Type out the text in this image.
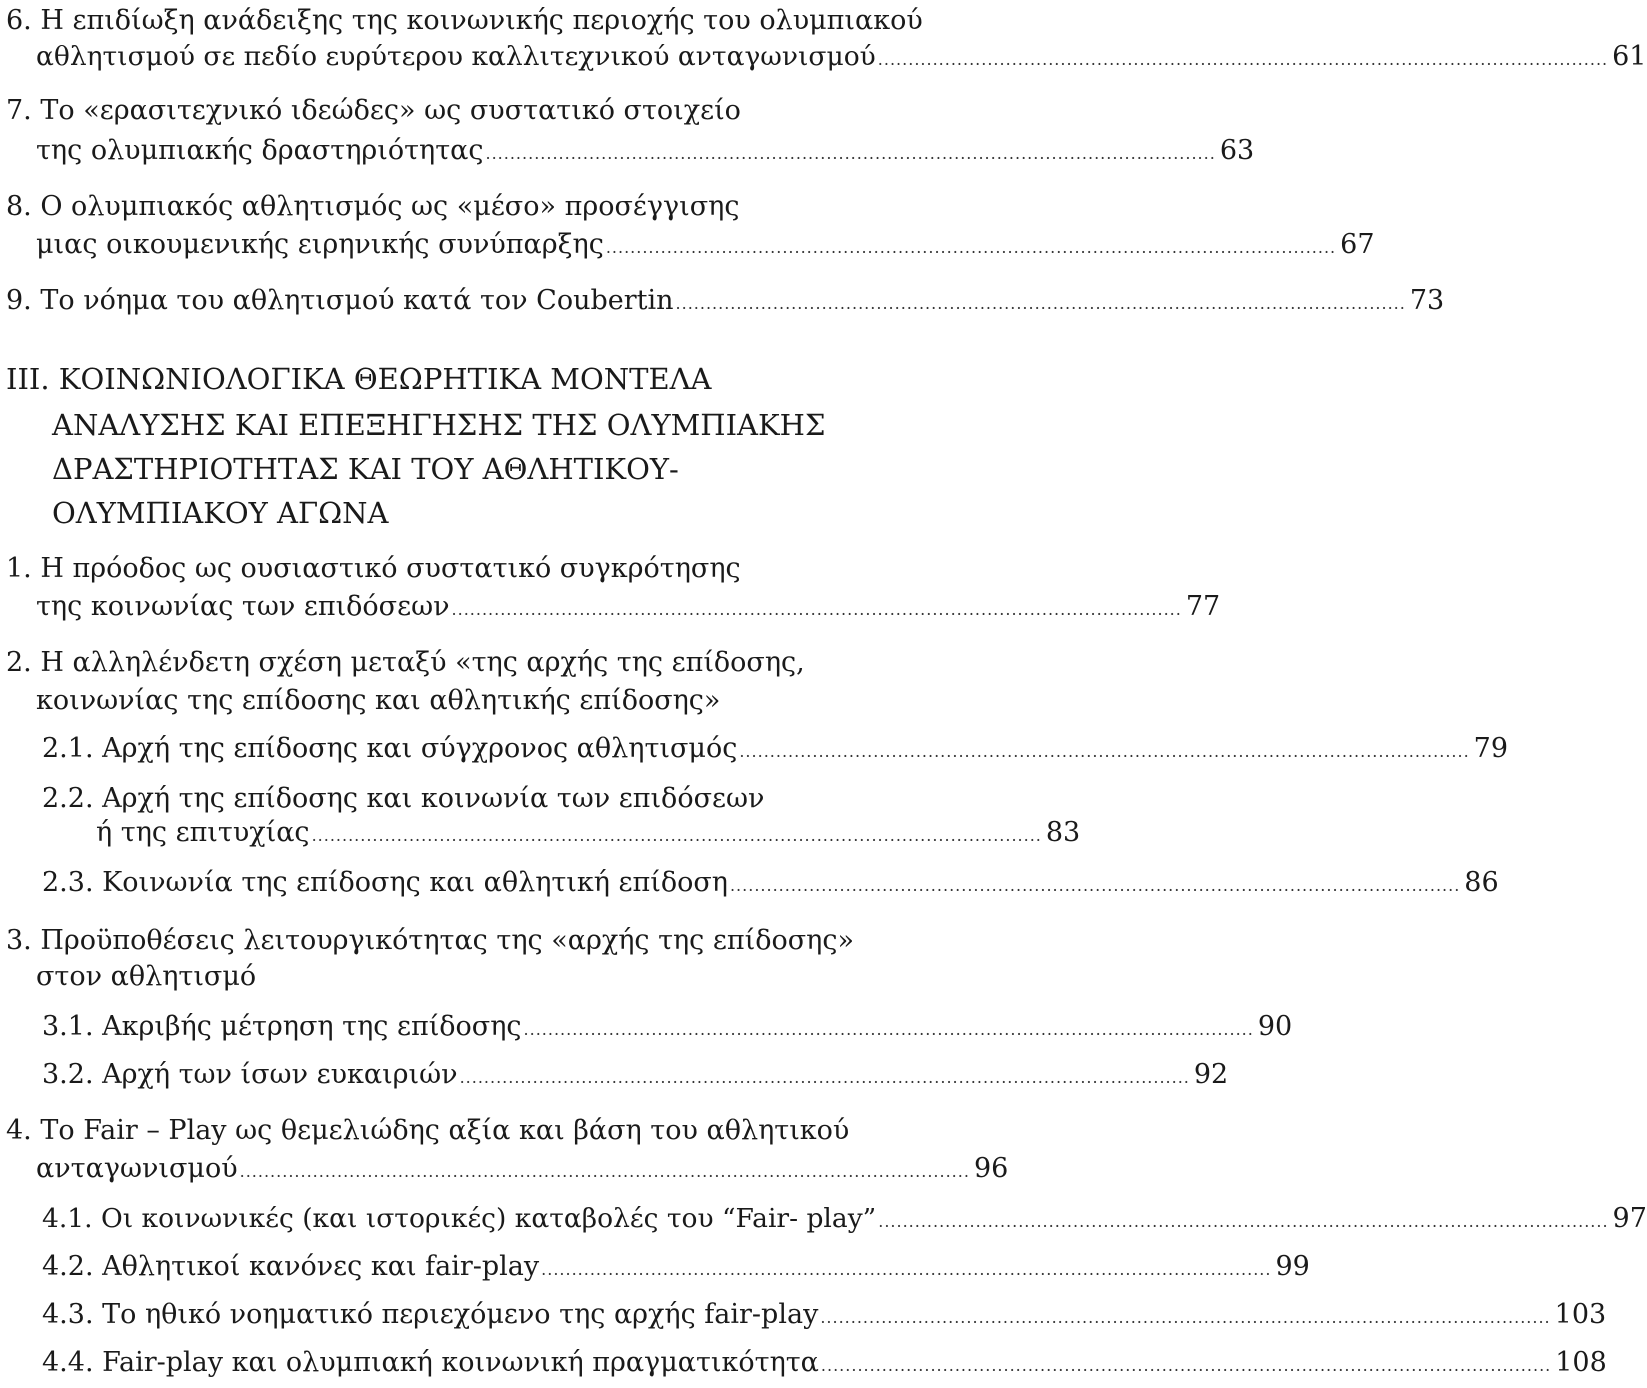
6. Η επιδίωξη ανάδειξης της κοινωνικής περιοχής του ολυμπιακού
αθλητισμού σε πεδίο ευρύτερου καλλιτεχνικού ανταγωνισμού ........................................................................................................................ 61
7. Το «ερασιτεχνικό ιδεώδες» ως συστατικό στοιχείο
της ολυμπιακής δραστηριότητας ........................................................................................................................ 63
8. Ο ολυμπιακός αθλητισμός ως «μέσο» προσέγγισης
μιας οικουμενικής ειρηνικής συνύπαρξης ........................................................................................................................ 67
9. Το νόημα του αθλητισμού κατά τον Coubertin ........................................................................................................................ 73
III. ΚΟΙΝΩΝΙΟΛΟΓΙΚΑ ΘΕΩΡΗΤΙΚΑ ΜΟΝΤΕΛΑ
ΑΝΑΛΥΣΗΣ ΚΑΙ ΕΠΕΞΗΓΗΣΗΣ ΤΗΣ ΟΛΥΜΠΙΑΚΗΣ
ΔΡΑΣΤΗΡΙΟΤΗΤΑΣ ΚΑΙ ΤΟΥ ΑΘΛΗΤΙΚΟΥ-
ΟΛΥΜΠΙΑΚΟΥ ΑΓΩΝΑ
1. Η πρόοδος ως ουσιαστικό συστατικό συγκρότησης
της κοινωνίας των επιδόσεων ........................................................................................................................ 77
2. Η αλληλένδετη σχέση μεταξύ «της αρχής της επίδοσης,
κοινωνίας της επίδοσης και αθλητικής επίδοσης»
2.1. Αρχή της επίδοσης και σύγχρονος αθλητισμός ........................................................................................................................ 79
2.2. Αρχή της επίδοσης και κοινωνία των επιδόσεων
ή της επιτυχίας ........................................................................................................................ 83
2.3. Κοινωνία της επίδοσης και αθλητική επίδοση ........................................................................................................................ 86
3. Προϋποθέσεις λειτουργικότητας της «αρχής της επίδοσης»
στον αθλητισμό
3.1. Ακριβής μέτρηση της επίδοσης ........................................................................................................................ 90
3.2. Αρχή των ίσων ευκαιριών ........................................................................................................................ 92
4. Το Fair – Play ως θεμελιώδης αξία και βάση του αθλητικού
ανταγωνισμού ........................................................................................................................ 96
4.1. Οι κοινωνικές (και ιστορικές) καταβολές του “Fair- play” ........................................................................................................................ 97
4.2. Αθλητικοί κανόνες και fair-play ........................................................................................................................ 99
4.3. Το ηθικό νοηματικό περιεχόμενο της αρχής fair-play ........................................................................................................................ 103
4.4. Fair-play και ολυμπιακή κοινωνική πραγματικότητα ........................................................................................................................ 108
